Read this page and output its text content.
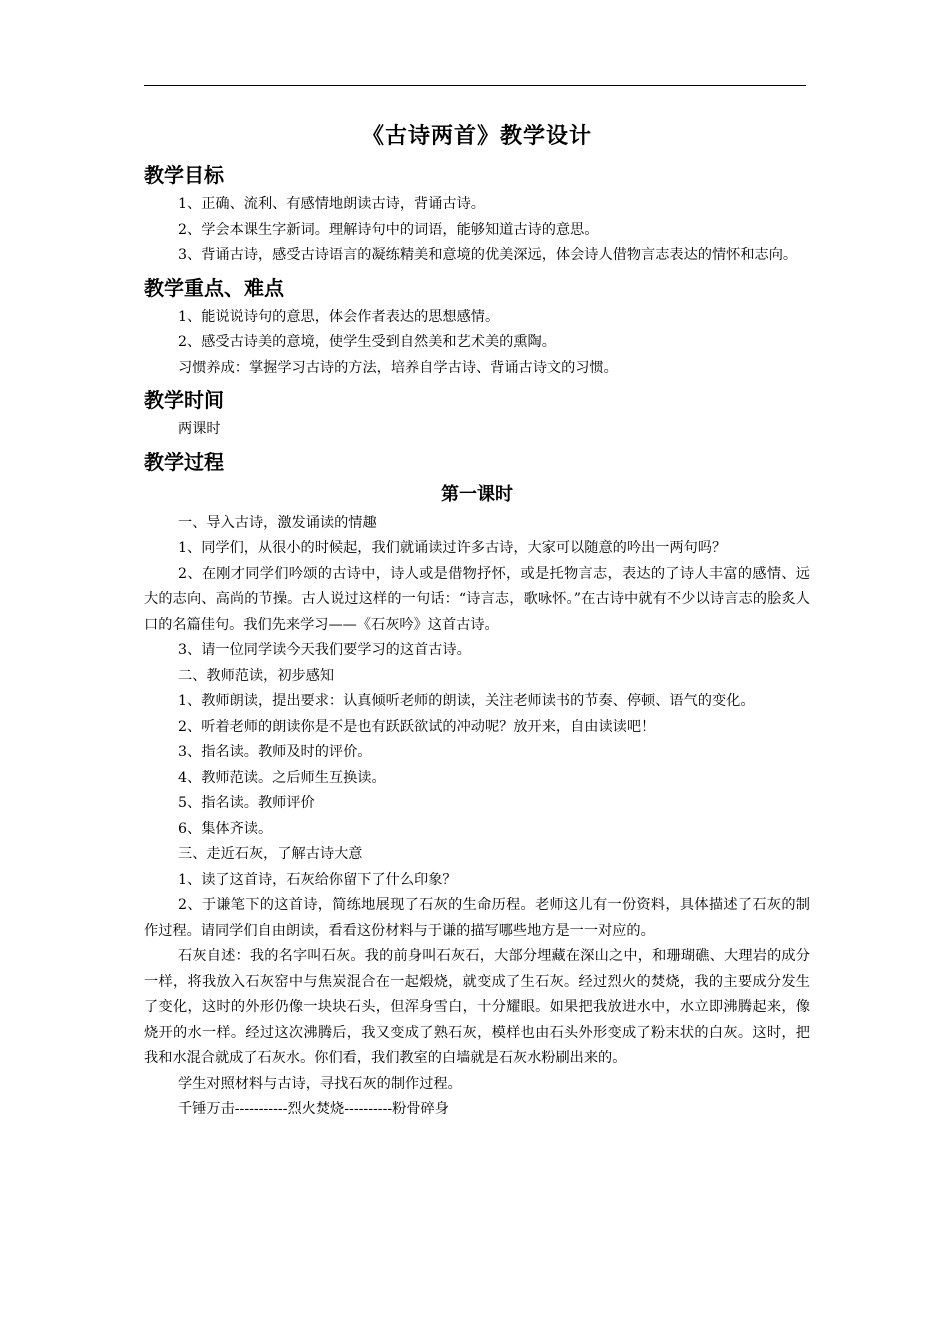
《古诗两首》教学设计
教学目标

1、正确、流利、有感情地朗读古诗，背诵古诗。

2、学会本课生字新词。理解诗句中的词语，能够知道古诗的意思。

3、背诵古诗，感受古诗语言的凝练精美和意境的优美深远，体会诗人借物言志表达的情怀和志向。

教学重点、难点

1、能说说诗句的意思，体会作者表达的思想感情。

2、感受古诗美的意境，使学生受到自然美和艺术美的熏陶。

习惯养成：掌握学习古诗的方法，培养自学古诗、背诵古诗文的习惯。

教学时间

两课时

教学过程
第一课时

一、导入古诗，激发诵读的情趣

1、同学们，从很小的时候起，我们就诵读过许多古诗，大家可以随意的吟出一两句吗？

2、在刚才同学们吟颂的古诗中，诗人或是借物抒怀，或是托物言志，表达的了诗人丰富的感情、远大的志向、高尚的节操。古人说过这样的一句话：“诗言志，歌咏怀。”在古诗中就有不少以诗言志的脍炙人口的名篇佳句。我们先来学习——《石灰吟》这首古诗。

3、请一位同学读今天我们要学习的这首古诗。

二、教师范读，初步感知

1、教师朗读，提出要求：认真倾听老师的朗读，关注老师读书的节奏、停顿、语气的变化。

2、听着老师的朗读你是不是也有跃跃欲试的冲动呢？放开来，自由读读吧！

3、指名读。教师及时的评价。

4、教师范读。之后师生互换读。

5、指名读。教师评价

6、集体齐读。

三、走近石灰，了解古诗大意

1、读了这首诗，石灰给你留下了什么印象？

2、于谦笔下的这首诗，简练地展现了石灰的生命历程。老师这儿有一份资料，具体描述了石灰的制作过程。请同学们自由朗读，看看这份材料与于谦的描写哪些地方是一一对应的。

石灰自述：我的名字叫石灰。我的前身叫石灰石，大部分埋藏在深山之中，和珊瑚礁、大理岩的成分一样，将我放入石灰窑中与焦炭混合在一起煅烧，就变成了生石灰。经过烈火的焚烧，我的主要成分发生了变化，这时的外形仍像一块块石头，但浑身雪白，十分耀眼。如果把我放进水中，水立即沸腾起来，像烧开的水一样。经过这次沸腾后，我又变成了熟石灰，模样也由石头外形变成了粉末状的白灰。这时，把我和水混合就成了石灰水。你们看，我们教室的白墙就是石灰水粉刷出来的。

学生对照材料与古诗，寻找石灰的制作过程。

千锤万击-----------烈火焚烧----------粉骨碎身
